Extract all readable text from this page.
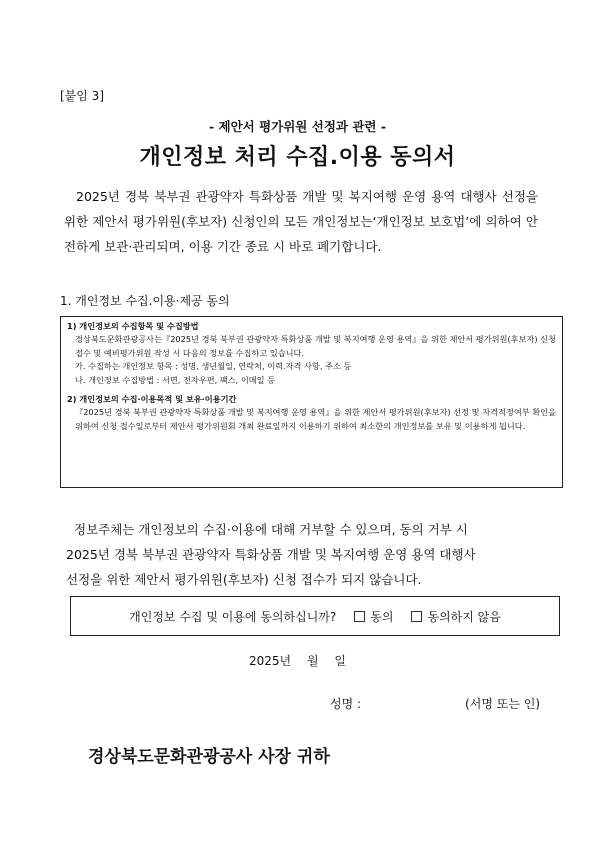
[붙임 3]
- 제안서 평가위원 선정과 관련 -
개인정보 처리 수집.이용 동의서
2025년 경북 북부권 관광약자 특화상품 개발 및 복지여행 운영 용역 대행사 선정을 위한 제안서 평가위원(후보자) 신청인의 모든 개인정보는‘개인정보 보호법’에 의하여 안전하게 보관·관리되며, 이용 기간 종료 시 바로 폐기합니다.
1. 개인정보 수집.이용·제공 동의
1) 개인정보의 수집항목 및 수집방법
경상북도문화관광공사는『2025년 경북 북부권 관광약자 특화상품 개발 및 복지여행 운영 용역』을 위한 제안서 평가위원(후보자) 신청 접수 및 예비평가위원 작성 시 다음의 정보를 수집하고 있습니다.
가. 수집하는 개인정보 항목 : 성명, 생년월일, 연락처, 이력.자격 사항, 주소 등
나. 개인정보 수집방법 : 서면, 전자우편, 팩스, 이메일 등
2) 개인정보의 수집·이용목적 및 보유·이용기간
『2025년 경북 북부권 관광약자 특화상품 개발 및 복지여행 운영 용역』을 위한 제안서 평가위원(후보자) 선정 및 자격적정여부 확인을 위하여 신청 접수일로부터 제안서 평가위원회 개최 완료일까지 이용하기 위하여 최소한의 개인정보를 보유 및 이용하게 됩니다.
정보주체는 개인정보의 수집·이용에 대해 거부할 수 있으며, 동의 거부 시
2025년 경북 북부권 관광약자 특화상품 개발 및 복지여행 운영 용역 대행사
선정을 위한 제안서 평가위원(후보자) 신청 접수가 되지 않습니다.
개인정보 수집 및 이용에 동의하십니까?	동의	동의하지 않음
2025년 월 일
성명 :	(서명 또는 인)
경상북도문화관광공사 사장 귀하
